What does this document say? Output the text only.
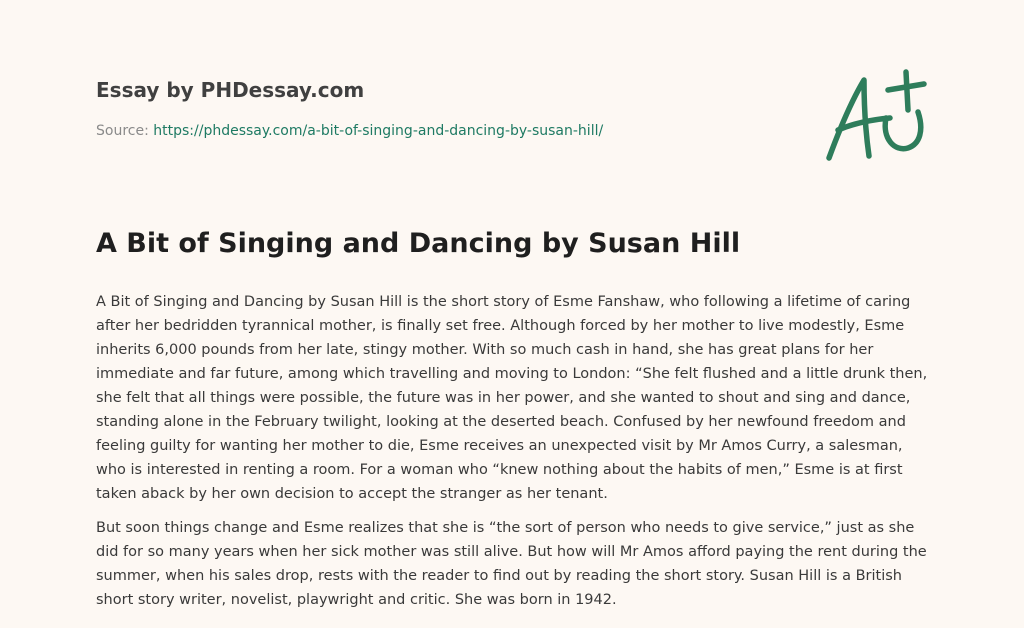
Essay by PHDessay.com
Source: https://phdessay.com/a-bit-of-singing-and-dancing-by-susan-hill/
A Bit of Singing and Dancing by Susan Hill

A Bit of Singing and Dancing by Susan Hill is the short story of Esme Fanshaw, who following a lifetime of caring after her bedridden tyrannical mother, is finally set free. Although forced by her mother to live modestly, Esme inherits 6,000 pounds from her late, stingy mother. With so much cash in hand, she has great plans for her immediate and far future, among which travelling and moving to London: “She felt flushed and a little drunk then, she felt that all things were possible, the future was in her power, and she wanted to shout and sing and dance, standing alone in the February twilight, looking at the deserted beach. Confused by her newfound freedom and feeling guilty for wanting her mother to die, Esme receives an unexpected visit by Mr Amos Curry, a salesman, who is interested in renting a room. For a woman who “knew nothing about the habits of men,” Esme is at first taken aback by her own decision to accept the stranger as her tenant.

But soon things change and Esme realizes that she is “the sort of person who needs to give service,” just as she did for so many years when her sick mother was still alive. But how will Mr Amos afford paying the rent during the summer, when his sales drop, rests with the reader to find out by reading the short story. Susan Hill is a British short story writer, novelist, playwright and critic. She was born in 1942.
